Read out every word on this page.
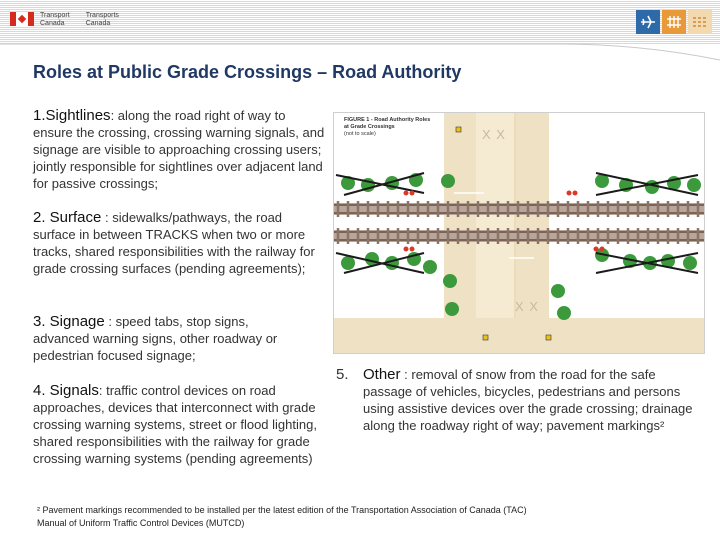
Transport
Canada
Transports
Canada
Roles at Public Grade Crossings – Road Authority
1.Sightlines: along the road right of way to
ensure the crossing, crossing warning signals, and signage are visible to approaching crossing users; jointly responsible for sightlines over adjacent land for passive crossings;
2. Surface : sidewalks/pathways, the road
surface in between TRACKS when two or more tracks, shared responsibilities with the railway for grade crossing surfaces (pending agreements);
3. Signage : speed tabs, stop signs,
advanced warning signs, other roadway or pedestrian focused signage;
4. Signals: traffic control devices on road
approaches, devices that interconnect with grade crossing warning systems, street or flood lighting, shared responsibilities with the railway for grade crossing warning systems (pending agreements)
5. Other : removal of snow from the road for the safe
passage of vehicles, bicycles, pedestrians and persons using assistive devices over the grade crossing; drainage along the roadway right of way; pavement markings²
FIGURE 1 - Road Authority Roles
at Grade Crossings
(not to scale)	X X
X X
² Pavement markings recommended to be installed per the latest edition of the Transportation Association of Canada (TAC)
Manual of Uniform Traffic Control Devices (MUTCD)
